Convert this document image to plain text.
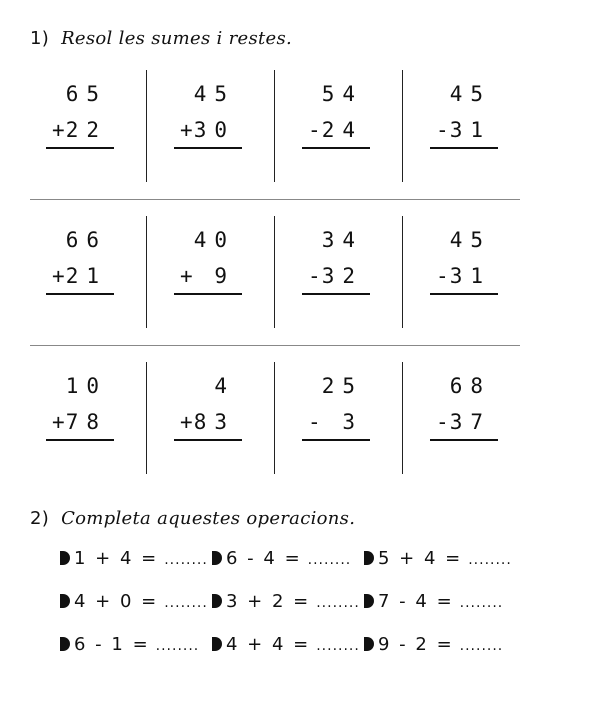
1) Resol les sumes i restes.
65
+ 22
45
+ 30
54
- 24
45
- 31
66
+ 21
40
+ 9
34
- 32
45
- 31
10
+ 78
4
+ 83
25
- 3
68
- 37
2) Completa aquestes operacions.
1 + 4 = ........ 6 - 4 = ........ 5 + 4 = ........
4 + 0 = ........ 3 + 2 = ........ 7 - 4 = ........
6 - 1 = ........ 4 + 4 = ........ 9 - 2 = ........
